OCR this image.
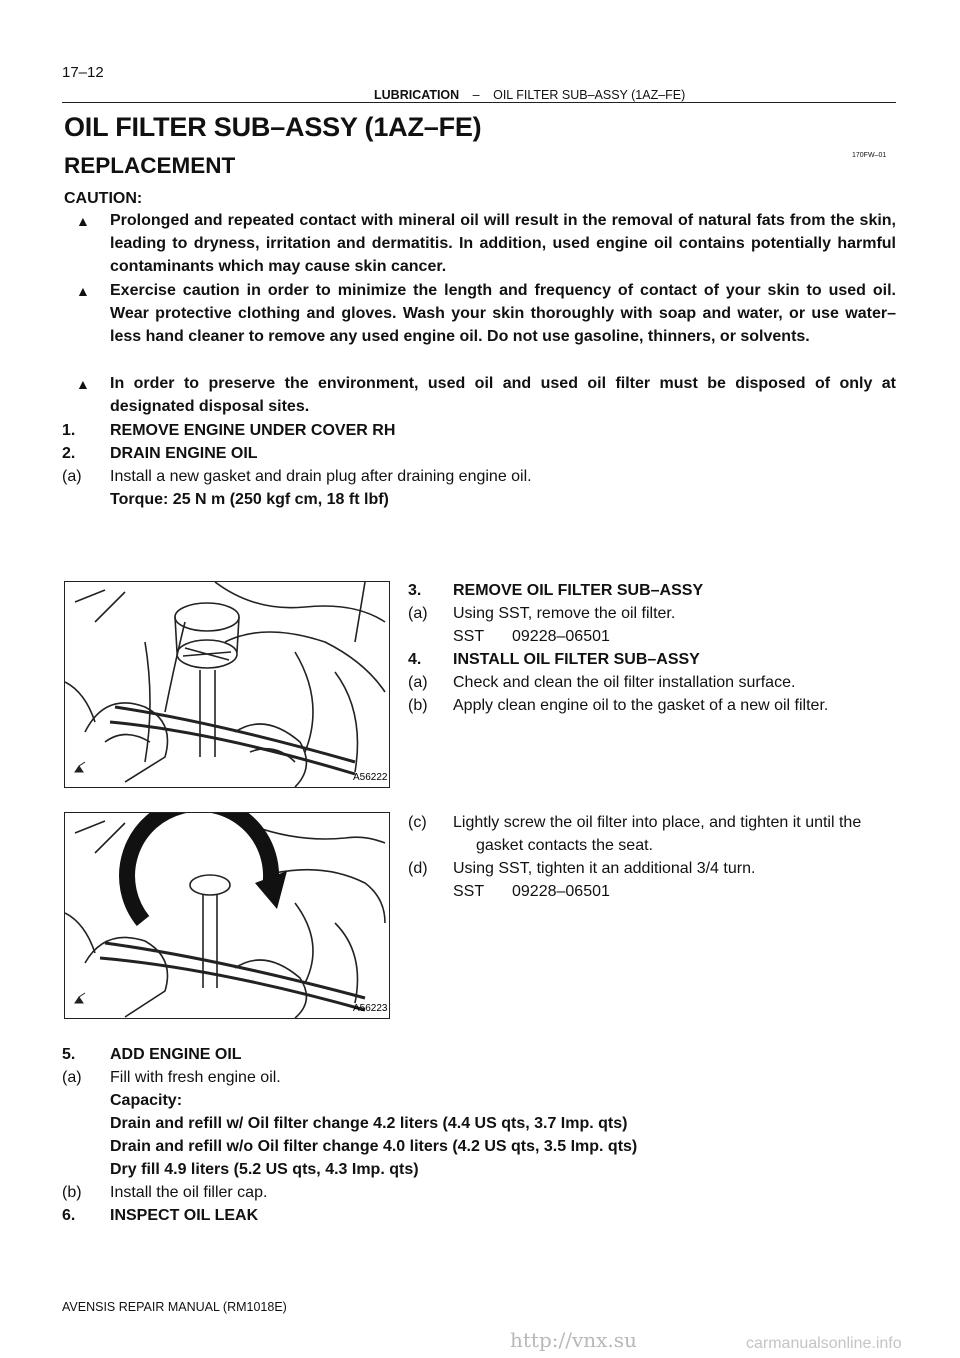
17–12
LUBRICATION – OIL FILTER SUB–ASSY (1AZ–FE)
170FW–01
OIL FILTER SUB–ASSY (1AZ–FE)
REPLACEMENT
CAUTION:
▲ Prolonged and repeated contact with mineral oil will result in the removal of natural fats from the skin, leading to dryness, irritation and dermatitis. In addition, used engine oil contains potentially harmful contaminants which may cause skin cancer.
▲ Exercise caution in order to minimize the length and frequency of contact of your skin to used oil. Wear protective clothing and gloves. Wash your skin thoroughly with soap and water, or use water–less hand cleaner to remove any used engine oil. Do not use gasoline, thinners, or solvents.
▲ In order to preserve the environment, used oil and used oil filter must be disposed of only at designated disposal sites.
1. REMOVE ENGINE UNDER COVER RH
2. DRAIN ENGINE OIL
(a) Install a new gasket and drain plug after draining engine oil.
Torque: 25 N m (250 kgf cm, 18 ft lbf)
A56222
3. REMOVE OIL FILTER SUB–ASSY
(a) Using SST, remove the oil filter.
SST 09228–06501
4. INSTALL OIL FILTER SUB–ASSY
(a) Check and clean the oil filter installation surface.
(b) Apply clean engine oil to the gasket of a new oil filter.
A56223
(c) Lightly screw the oil filter into place, and tighten it until the
gasket contacts the seat.
(d) Using SST, tighten it an additional 3/4 turn.
SST 09228–06501
5. ADD ENGINE OIL
(a) Fill with fresh engine oil.
Capacity:
Drain and refill w/ Oil filter change 4.2 liters (4.4 US qts, 3.7 Imp. qts)
Drain and refill w/o Oil filter change 4.0 liters (4.2 US qts, 3.5 Imp. qts)
Dry fill 4.9 liters (5.2 US qts, 4.3 Imp. qts)
(b) Install the oil filler cap.
6. INSPECT OIL LEAK
AVENSIS REPAIR MANUAL (RM1018E)
http://vnx.su	carmanualsonline.info
